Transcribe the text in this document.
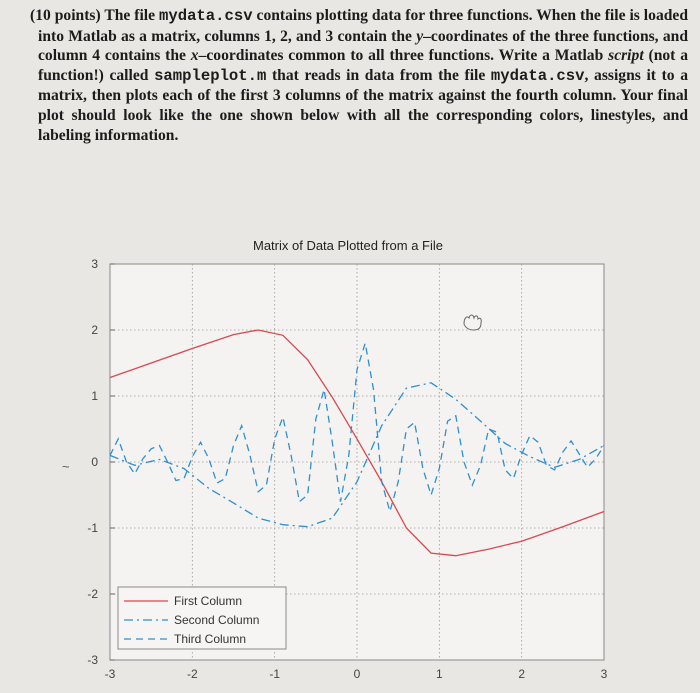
(10 points) The file mydata.csv contains plotting data for three functions. When the file is loaded into Matlab as a matrix, columns 1, 2, and 3 contain the y–coordinates of the three functions, and column 4 contains the x–coordinates common to all three functions. Write a Matlab script (not a function!) called sampleplot.m that reads in data from the file mydata.csv, assigns it to a matrix, then plots each of the first 3 columns of the matrix against the fourth column. Your final plot should look like the one shown below with all the corresponding colors, linestyles, and labeling information.
Matrix of Data Plotted from a File
-3	-2	-1	0	1	2	3
-3
-2
-1
0
1
2
3
First Column
Second Column
Third Column
~
